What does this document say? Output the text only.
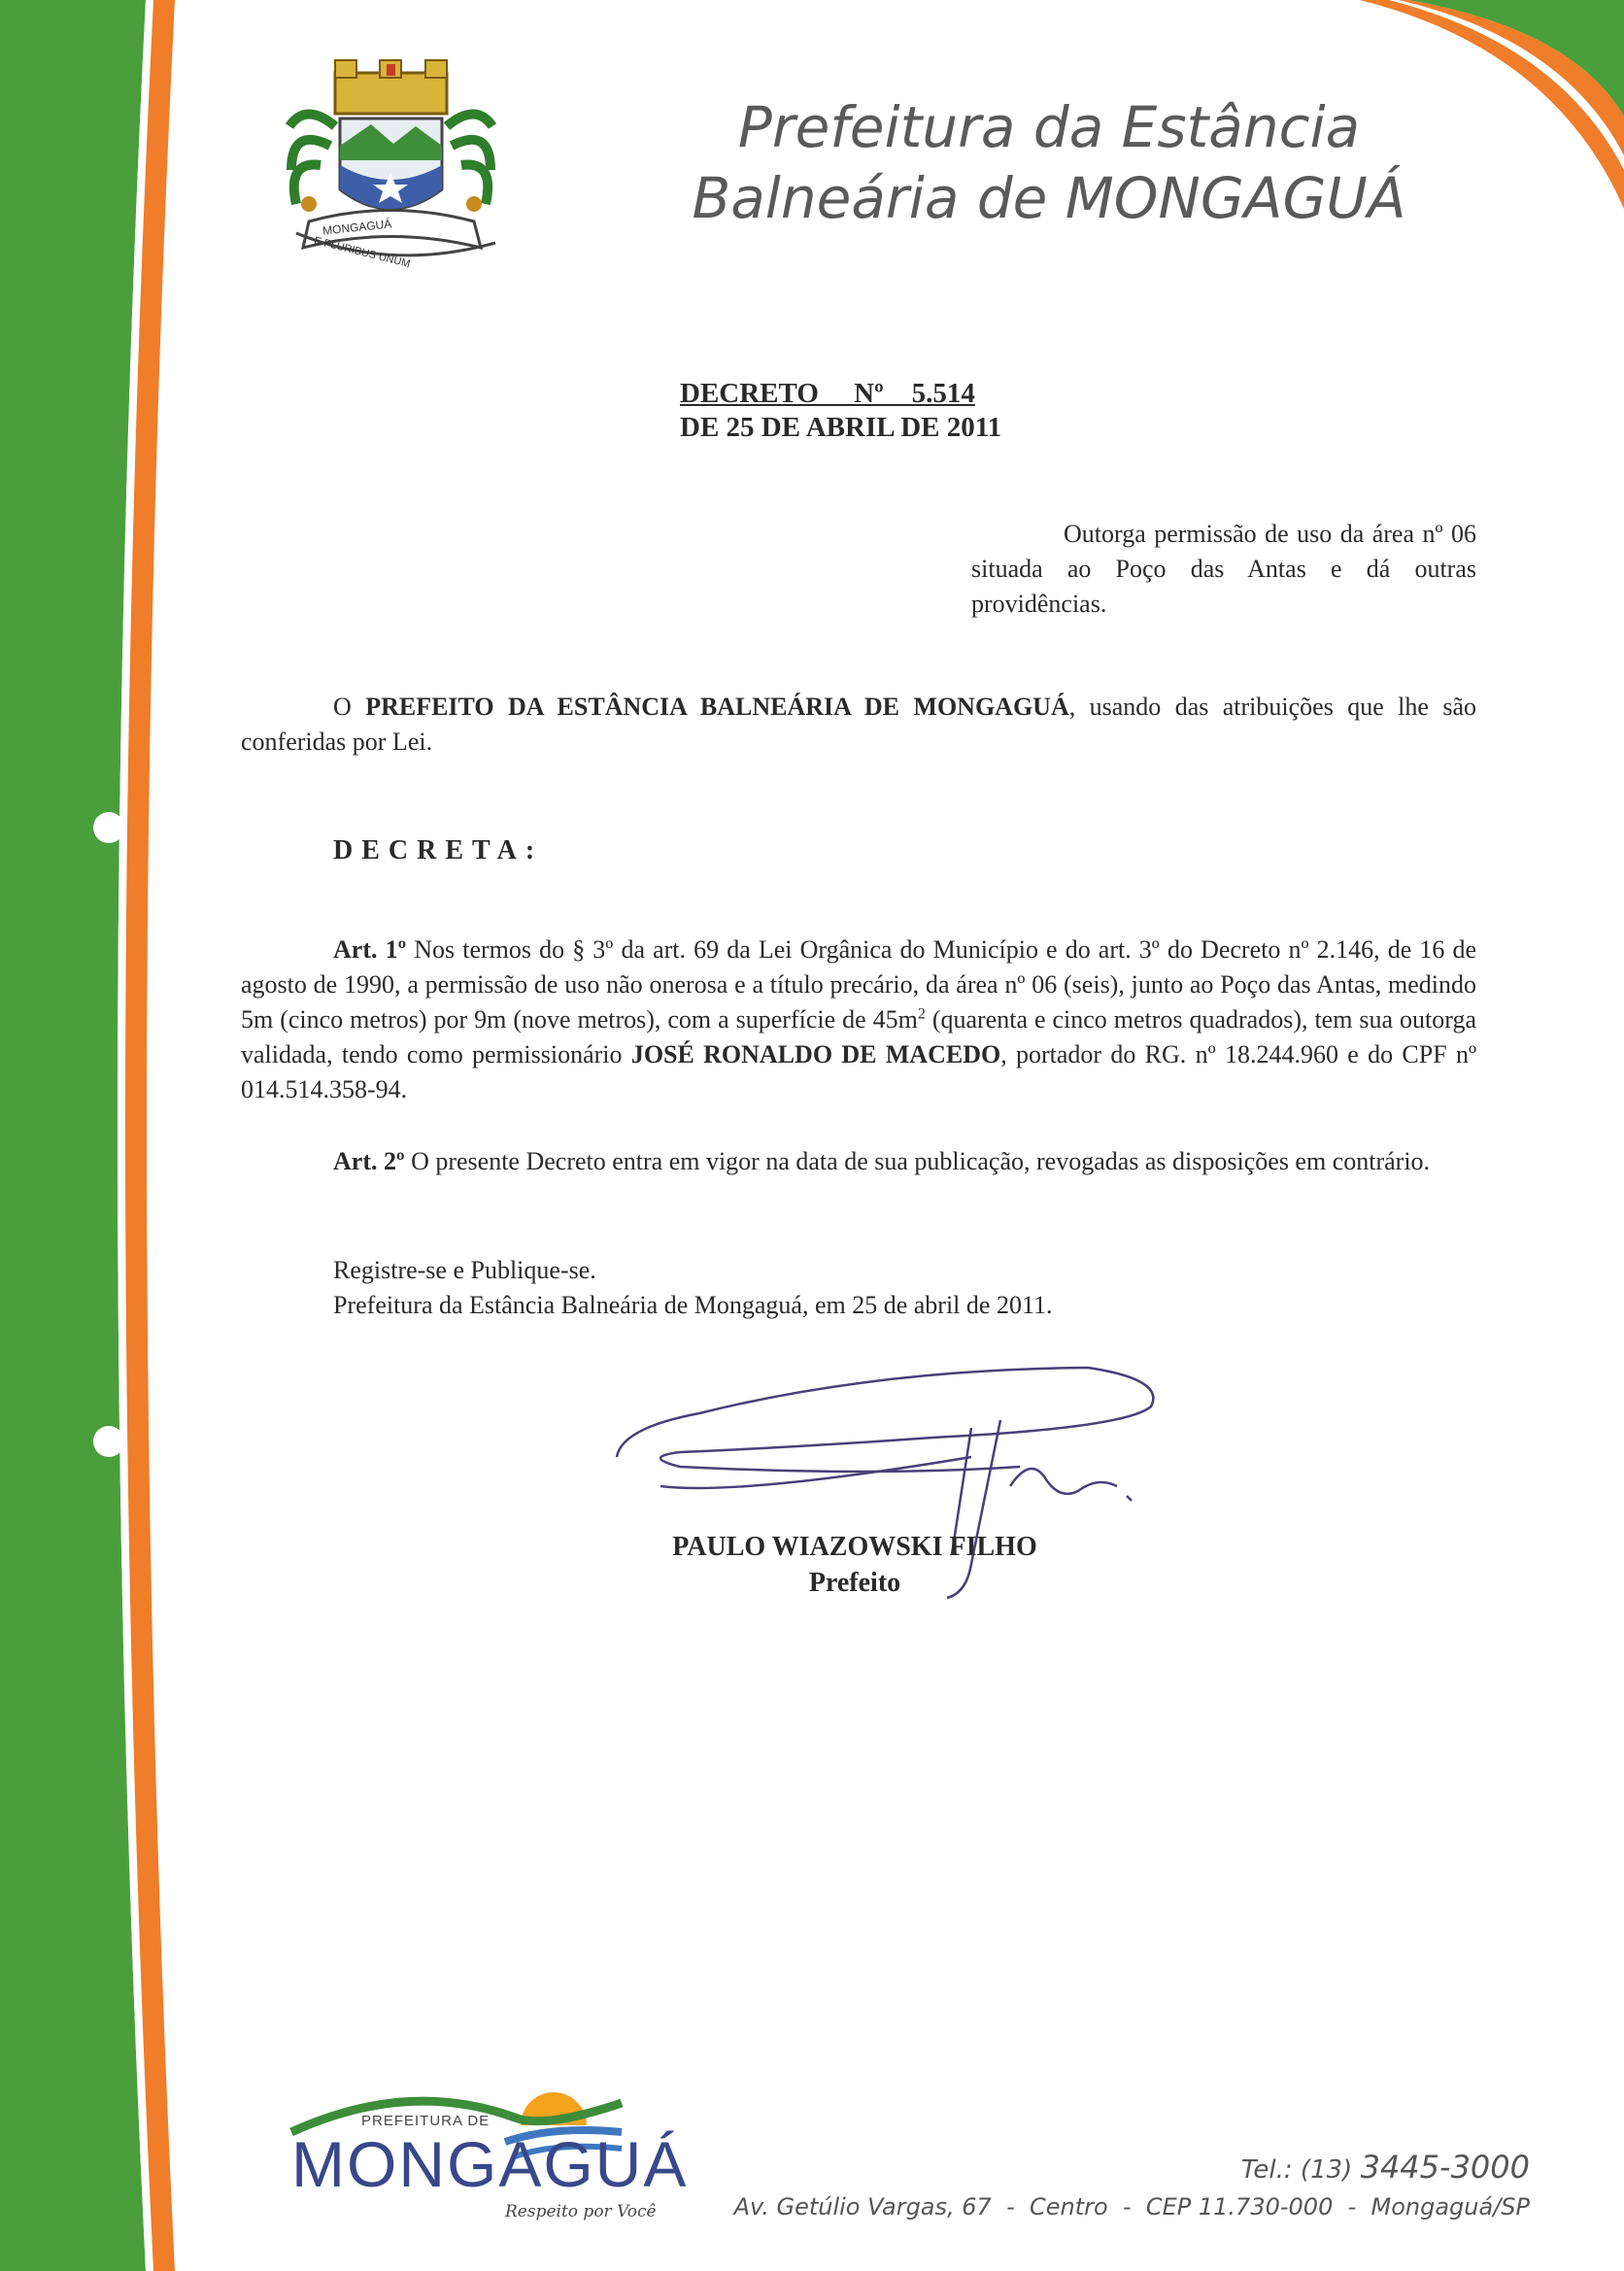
MONGAGUÁ
E PLURIBUS UNUM
Prefeitura da Estância
Balneária de MONGAGUÁ
DECRETO     Nº    5.514
DE 25 DE ABRIL DE 2011
Outorga permissão de uso da área nº 06 situada ao Poço das Antas e dá outras providências.
O PREFEITO DA ESTÂNCIA BALNEÁRIA DE MONGAGUÁ, usando das atribuições que lhe são conferidas por Lei.
DECRETA:
Art. 1º Nos termos do § 3º da art. 69 da Lei Orgânica do Município e do art. 3º do Decreto nº 2.146, de 16 de agosto de 1990, a permissão de uso não onerosa e a título precário, da área nº 06 (seis), junto ao Poço das Antas, medindo 5m (cinco metros) por 9m (nove metros), com a superfície de $45m^2$ (quarenta e cinco metros quadrados), tem sua outorga validada, tendo como permissionário JOSÉ RONALDO DE MACEDO, portador do RG. nº 18.244.960 e do CPF nº 014.514.358-94.
Art. 2º O presente Decreto entra em vigor na data de sua publicação, revogadas as disposições em contrário.
Registre-se e Publique-se.
Prefeitura da Estância Balneária de Mongaguá, em 25 de abril de 2011.
PAULO WIAZOWSKI FILHO
Prefeito
PREFEITURA DE
MONGAGUÁ
Respeito por Você
Tel.: (13) 3445-3000
Av. Getúlio Vargas, 67  -  Centro  -  CEP 11.730-000  -  Mongaguá/SP
